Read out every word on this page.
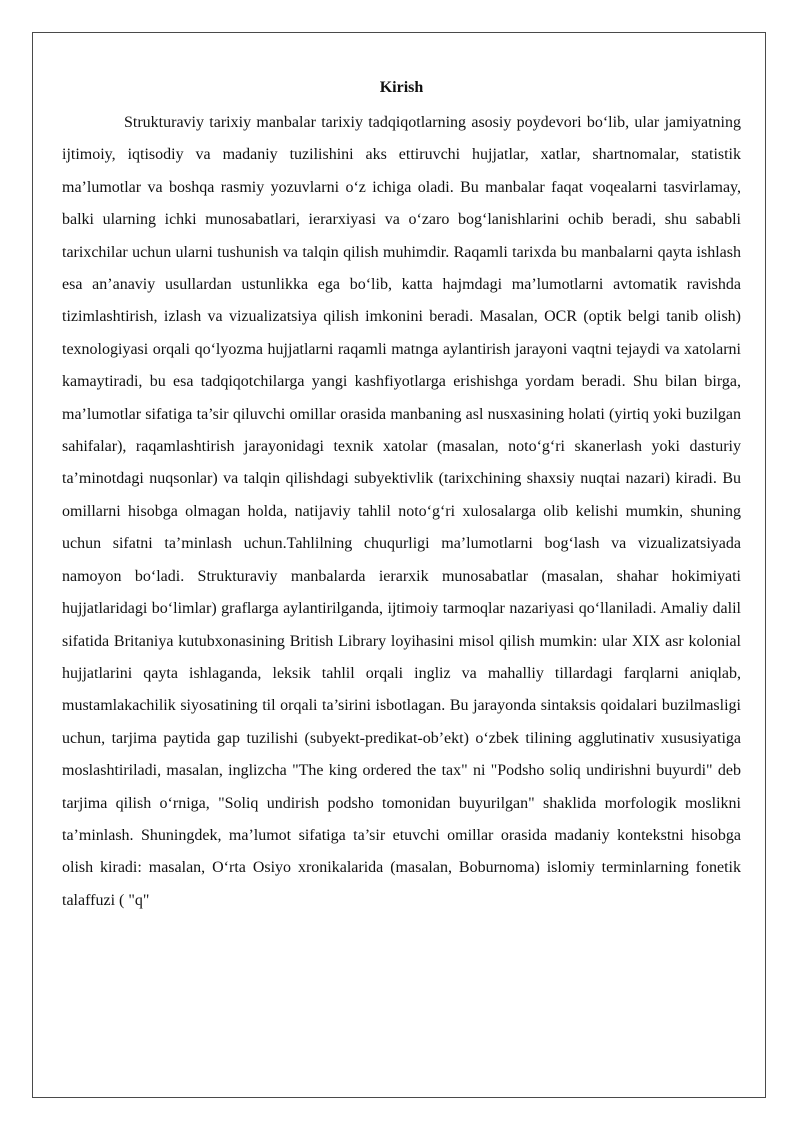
Kirish

Strukturaviy tarixiy manbalar tarixiy tadqiqotlarning asosiy poydevori bo‘lib, ular jamiyatning ijtimoiy, iqtisodiy va madaniy tuzilishini aks ettiruvchi hujjatlar, xatlar, shartnomalar, statistik ma’lumotlar va boshqa rasmiy yozuvlarni o‘z ichiga oladi. Bu manbalar faqat voqealarni tasvirlamay, balki ularning ichki munosabatlari, ierarxiyasi va o‘zaro bog‘lanishlarini ochib beradi, shu sababli tarixchilar uchun ularni tushunish va talqin qilish muhimdir. Raqamli tarixda bu manbalarni qayta ishlash esa an’anaviy usullardan ustunlikka ega bo‘lib, katta hajmdagi ma’lumotlarni avtomatik ravishda tizimlashtirish, izlash va vizualizatsiya qilish imkonini beradi. Masalan, OCR (optik belgi tanib olish) texnologiyasi orqali qo‘lyozma hujjatlarni raqamli matnga aylantirish jarayoni vaqtni tejaydi va xatolarni kamaytiradi, bu esa tadqiqotchilarga yangi kashfiyotlarga erishishga yordam beradi. Shu bilan birga, ma’lumotlar sifatiga ta’sir qiluvchi omillar orasida manbaning asl nusxasining holati (yirtiq yoki buzilgan sahifalar), raqamlashtirish jarayonidagi texnik xatolar (masalan, noto‘g‘ri skanerlash yoki dasturiy ta’minotdagi nuqsonlar) va talqin qilishdagi subyektivlik (tarixchining shaxsiy nuqtai nazari) kiradi. Bu omillarni hisobga olmagan holda, natijaviy tahlil noto‘g‘ri xulosalarga olib kelishi mumkin, shuning uchun sifatni ta’minlash uchun.Tahlilning chuqurligi ma’lumotlarni bog‘lash va vizualizatsiyada namoyon bo‘ladi. Strukturaviy manbalarda ierarxik munosabatlar (masalan, shahar hokimiyati hujjatlaridagi bo‘limlar) graflarga aylantirilganda, ijtimoiy tarmoqlar nazariyasi qo‘llaniladi. Amaliy dalil sifatida Britaniya kutubxonasining British Library loyihasini misol qilish mumkin: ular XIX asr kolonial hujjatlarini qayta ishlaganda, leksik tahlil orqali ingliz va mahalliy tillardagi farqlarni aniqlab, mustamlakachilik siyosatining til orqali ta’sirini isbotlagan. Bu jarayonda sintaksis qoidalari buzilmasligi uchun, tarjima paytida gap tuzilishi (subyekt-predikat-ob’ekt) o‘zbek tilining agglutinativ xususiyatiga moslashtiriladi, masalan, inglizcha "The king ordered the tax" ni "Podsho soliq undirishni buyurdi" deb tarjima qilish o‘rniga, "Soliq undirish podsho tomonidan buyurilgan" shaklida morfologik moslikni ta’minlash. Shuningdek, ma’lumot sifatiga ta’sir etuvchi omillar orasida madaniy kontekstni hisobga olish kiradi: masalan, O‘rta Osiyo xronikalarida (masalan, Boburnoma) islomiy terminlarning fonetik talaffuzi ( "q"
